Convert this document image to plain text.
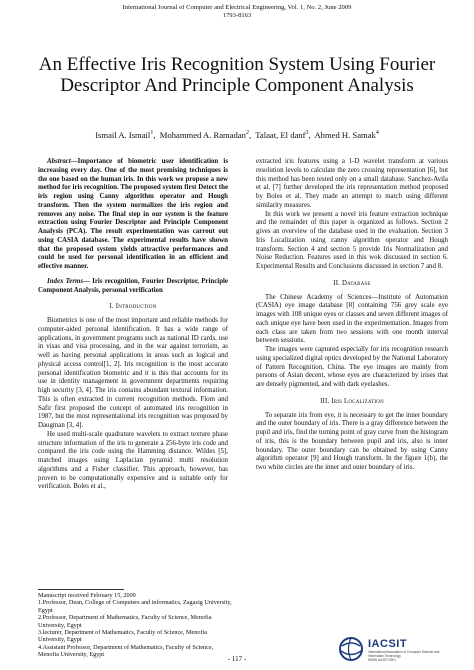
International Journal of Computer and Electrical Engineering, Vol. 1, No. 2, June 2009
1793-8163
An Effective Iris Recognition System Using Fourier Descriptor And Principle Component Analysis
Ismail A. Ismail$^1$,  Mohammed A. Ramadan$^2$,  Talaat, El danf$^3$,  Ahmed H. Samak$^4$

Abstract—Importance of biometric user identification is increasing every day. One of the most promising techniques is the one based on the human iris. In this work we propose a new method for iris recognition. The proposed system first Detect the iris region using Canny algorithm operator and Hough transform. Then the system normalizes the iris region and removes any noise. The final step in our system is the feature extraction using Fourier Descriptor and Principle Component Analysis (PCA). The result experimentation was carrout out using CASIA database. The experimental results have shown that the proposed system yields attractive performances and could be used for personal identification in an efficient and effective manner.

Index Terms— Iris recognition, Fourier Descriptor, Principle Component Analysis, personal verification

I. Introduction

Biometrics is one of the most important and reliable methods for computer-aided personal identification. It has a wide range of applications, in government programs such as national ID cards, use in visas and visa processing, and in the war against terrorism, as well as having personal applications in areas such as logical and physical access control[1, 2]. Iris recognition is the most accurate personal identification biometric and it is this that accounts for its use in identity management in government departments requiring high security [3, 4]. The iris contains abundant textural information. This is often extracted in current recognition methods. Flom and Safir first proposed the concept of automated iris recognition in 1987, but the most representational iris recognition was proposed by Daugman [3, 4].

He used multi-scale quadrature wavelets to extract texture phase structure information of the iris to generate a 256-byte iris code and compared the iris code using the Hamming distance. Wildes [5], matched images using Laplacian pyramid multi resolution algorithms and a Fisher classifier. This approach, however, has proven to be computationally expensive and is suitable only for verification. Boles et al.,

extracted iris features using a 1-D wavelet transform at various resolution levels to calculate the zero crossing representation [6], but this method has been tested only on a small database. Sanchez-Avila et al. [7] further developed the iris representation method proposed by Boles et al. They made an attempt to match using different similarity measures.

In this work we present a novel iris feature extraction technique and the remainder of this paper is organized as follows. Section 2 gives an overview of the database used in the evaluation. Section 3 Iris Localization using canny algorithm operator and Hough transform. Section 4 and section 5 provide Iris Normalization and Noise Reduction. Features used in this wok discussed in section 6. Experimental Results and Conclusions discussed in section 7 and 8.

II. Database

The Chinese Academy of Sciences—Institute of Automation (CASIA) eye image database [8] containing 756 grey scale eye images with 108 unique eyes or classes and seven different images of each unique eye have been used in the experimentation. Images from each class are taken from two sessions with one month interval between sessions.

The images were captured especially for iris recognition research using specialized digital optics developed by the National Laboratory of Pattern Recognition, China. The eye images are mainly from persons of Asian decent, whose eyes are characterized by irises that are densely pigmented, and with dark eyelashes.

III. Iris Localization

To separate iris from eye, it is necessary to get the inner boundary and the outer boundary of iris. There is a gray difference between the pupil and iris, find the turning point of gray curve from the histogram of iris, this is the boundary between pupil and iris, also is inner boundary. The outer boundary can be obtained by using Canny algorithm operator [9] and Hough transform. In the figure 1(b), the two white circles are the inner and outer boundary of iris.

Manuscript received February 15, 2009

1.Professor, Dean, College of Computers and informatics, Zagazig University, Egypt

2.Professor, Department of Mathematics, Faculty of Science, Menofia University, Egypt

3.lecturer, Department of Mathematics, Faculty of Science, Menofia University, Egypt

4.Assistant Professor, Department of Mathematics, Faculty of Science, Menofia University, Egypt

- 117 -
IACSIT
International Association of Computer Science and Information Technology
WWW.IACSIT.ORG
